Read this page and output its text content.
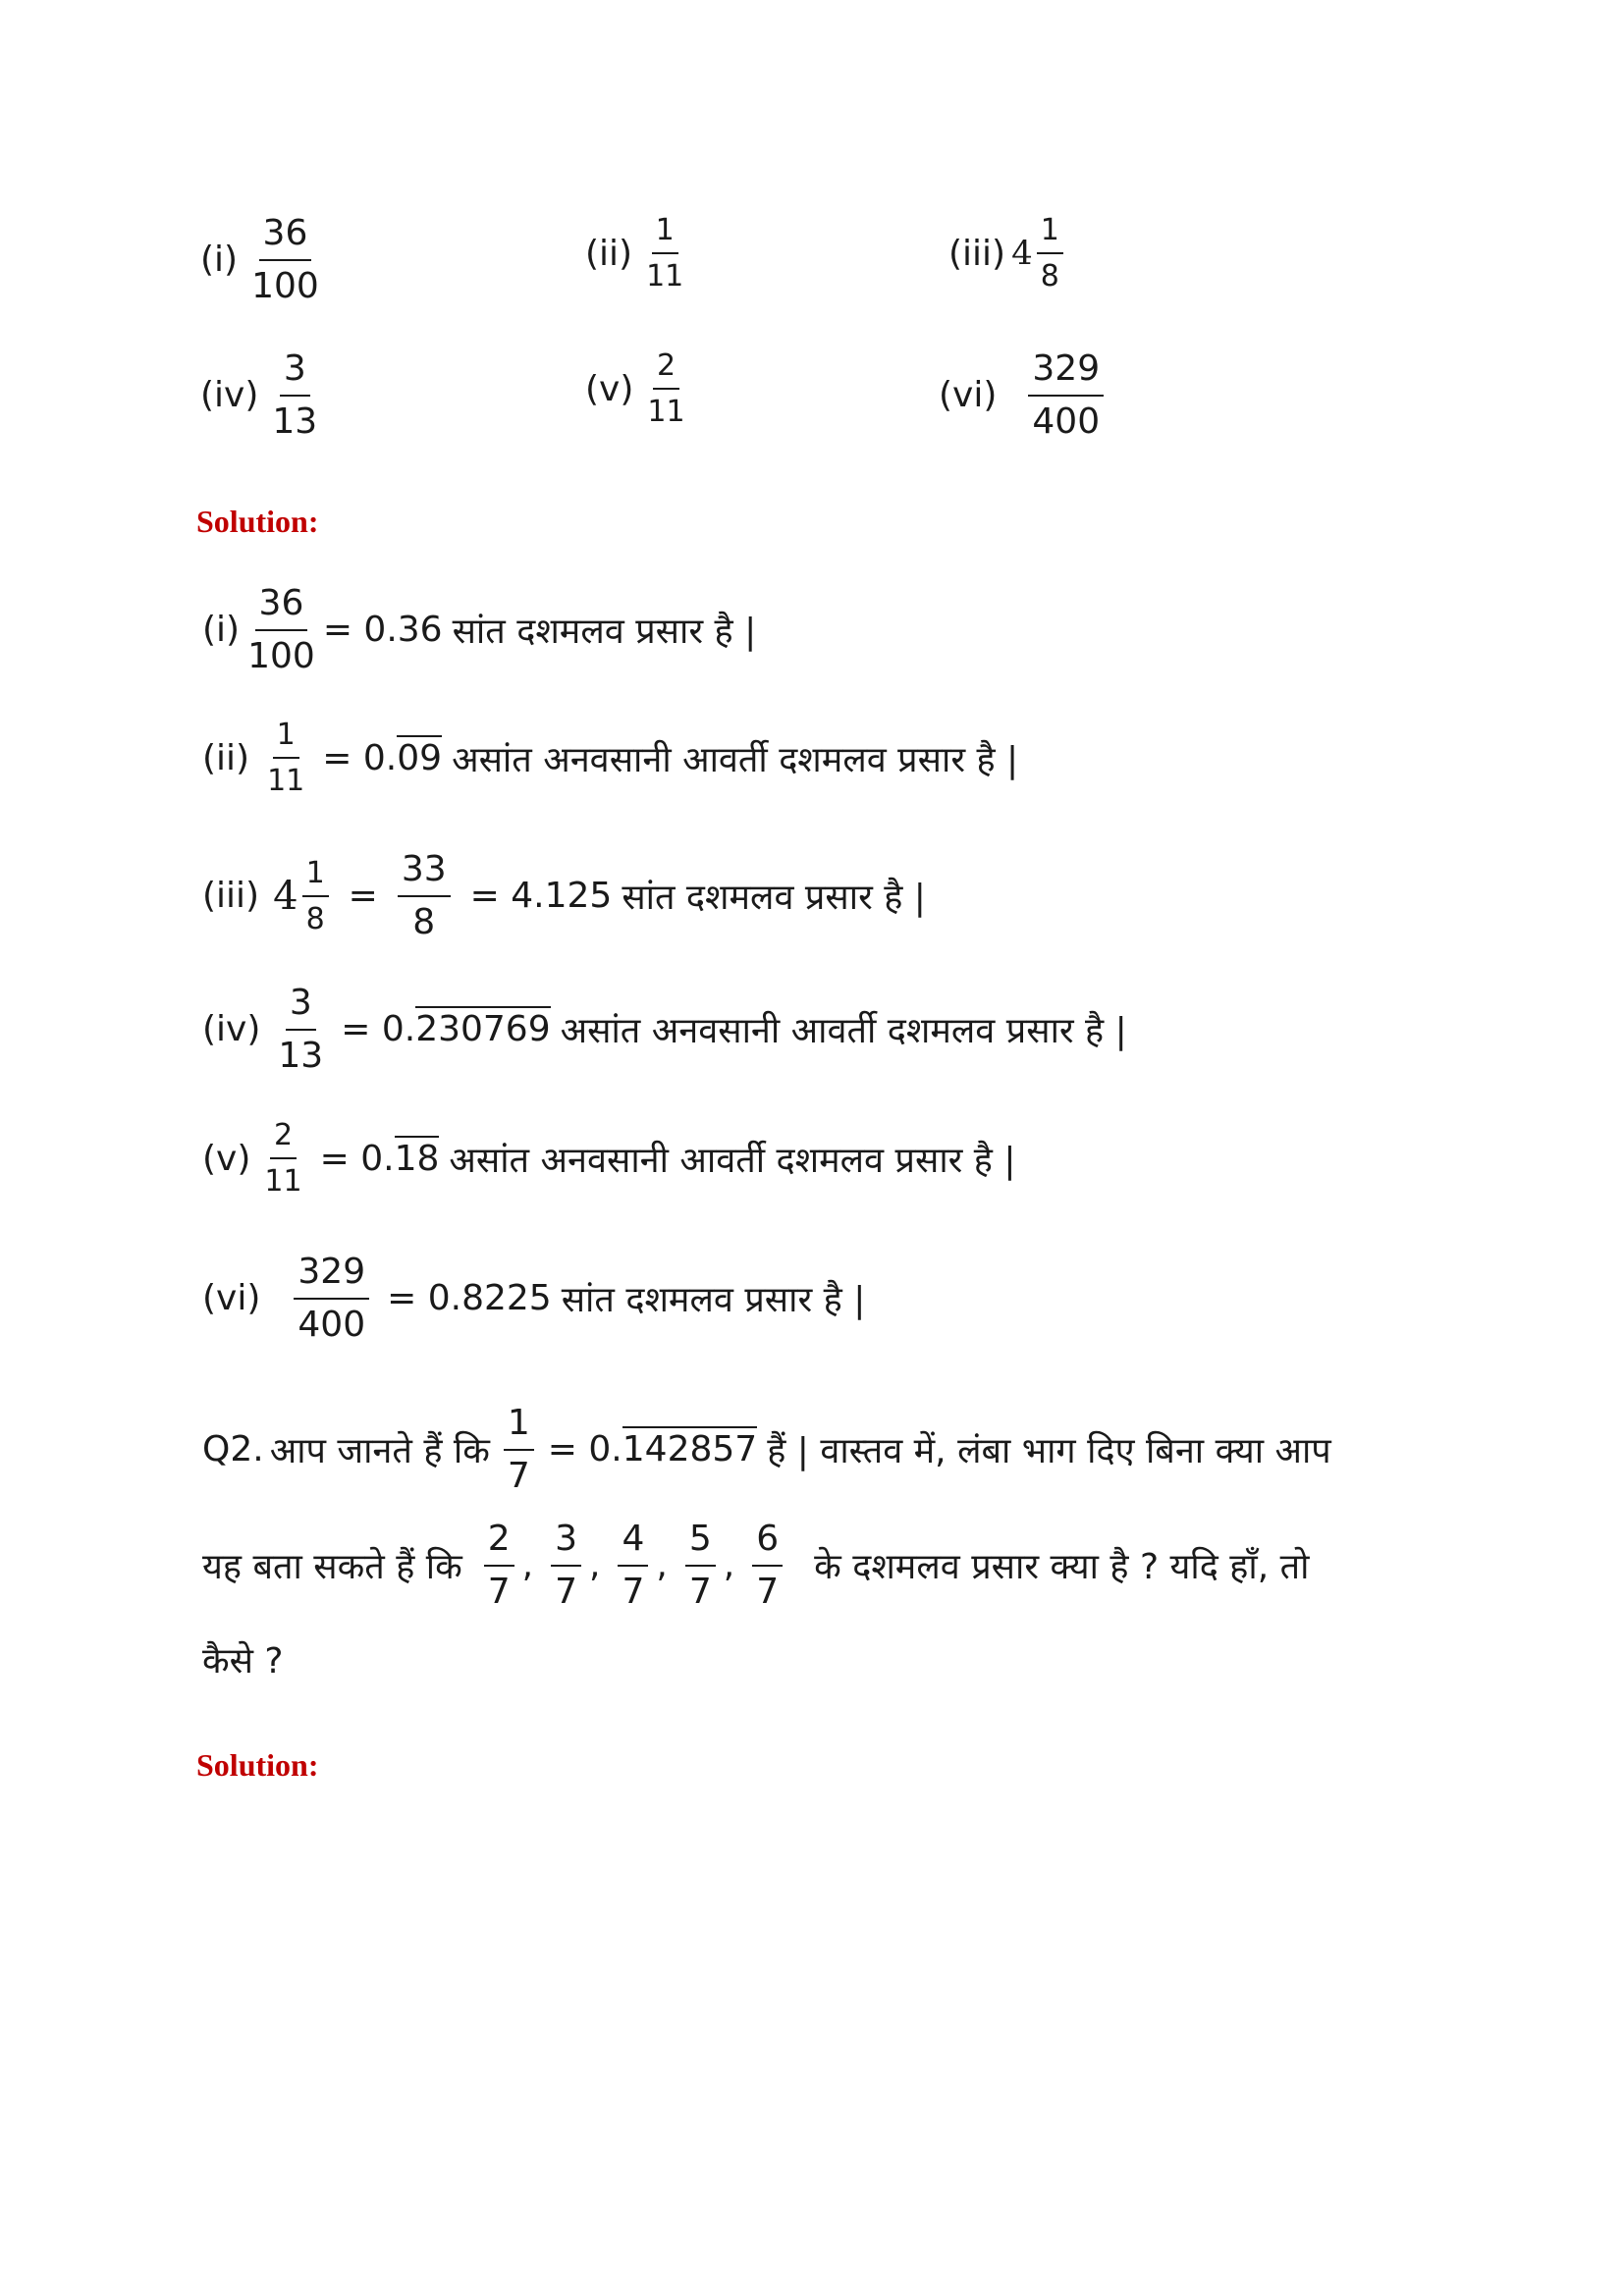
$(i) \frac{36}{100}$	$(ii) \frac{1}{11}$	(iii) $4 \frac{1}{8}$
$(iv) \frac{3}{13}$	$(v) \frac{2}{11}$	$(vi) \frac{329}{400}$
Solution:
$(i) \frac{36}{100} = 0.36$ सांत दशमलव प्रसार है |
$(ii) \frac{1}{11} = 0.09$ असांत अनवसानी आवर्ती दशमलव प्रसार है |
(iii) $4 \frac{1}{8} = \frac{33}{8} = 4.125$ सांत दशमलव प्रसार है |
$(iv) \frac{3}{13} = 0.230769$ असांत अनवसानी आवर्ती दशमलव प्रसार है |
$(v) \frac{2}{11} = 0.18$ असांत अनवसानी आवर्ती दशमलव प्रसार है |
$(vi) \frac{329}{400} = 0.8225$ सांत दशमलव प्रसार है |
Q2. आप जानते हैं कि $\frac{1}{7} = 0.142857$ हैं | वास्तव में, लंबा भाग दिए बिना क्या आप
यह बता सकते हैं कि $\frac{2}{7}$ , $\frac{3}{7}$ , $\frac{4}{7}$ , $\frac{5}{7}$ , $\frac{6}{7}$ के दशमलव प्रसार क्या है ? यदि हाँ, तो
कैसे ?
Solution:
